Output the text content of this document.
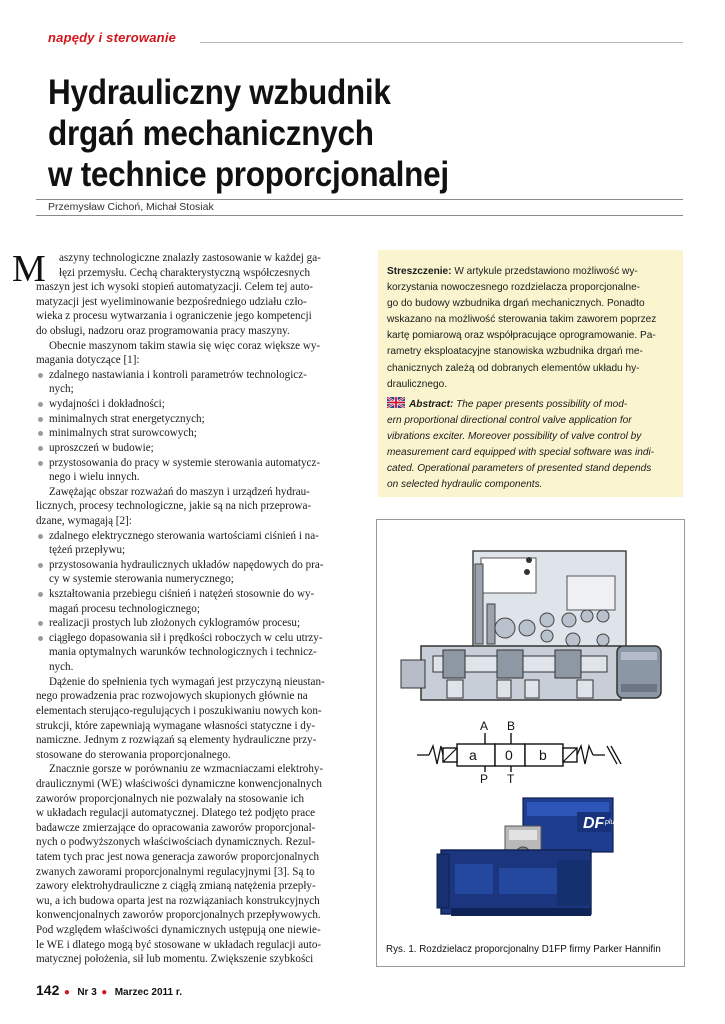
napędy i sterowanie
Hydrauliczny wzbudnik
drgań mechanicznych
w technice proporcjonalnej
Przemysław Cichoń, Michał Stosiak
M	aszyny technologiczne znalazły zastosowanie w każdej ga-
łęzi przemysłu. Cechą charakterystyczną współczesnych
maszyn jest ich wysoki stopień automatyzacji. Celem tej auto-
matyzacji jest wyeliminowanie bezpośredniego udziału czło-
wieka z procesu wytwarzania i ograniczenie jego kompetencji
do obsługi, nadzoru oraz programowania pracy maszyny.
Obecnie maszynom takim stawia się więc coraz większe wy-
magania dotyczące [1]:
zdalnego nastawiania i kontroli parametrów technologicz-
nych;
wydajności i dokładności;
minimalnych strat energetycznych;
minimalnych strat surowcowych;
uproszczeń w budowie;
przystosowania do pracy w systemie sterowania automatycz-
nego i wielu innych.
Zawężając obszar rozważań do maszyn i urządzeń hydrau-
licznych, procesy technologiczne, jakie są na nich przeprowa-
dzane, wymagają [2]:
zdalnego elektrycznego sterowania wartościami ciśnień i na-
tężeń przepływu;
przystosowania hydraulicznych układów napędowych do pra-
cy w systemie sterowania numerycznego;
kształtowania przebiegu ciśnień i natężeń stosownie do wy-
magań procesu technologicznego;
realizacji prostych lub złożonych cyklogramów procesu;
ciągłego dopasowania sił i prędkości roboczych w celu utrzy-
mania optymalnych warunków technologicznych i technicz-
nych.
Dążenie do spełnienia tych wymagań jest przyczyną nieustan-
nego prowadzenia prac rozwojowych skupionych głównie na
elementach sterująco-regulujących i poszukiwaniu nowych kon-
strukcji, które zapewniają wymagane własności statyczne i dy-
namiczne. Jednym z rozwiązań są elementy hydrauliczne przy-
stosowane do sterowania proporcjonalnego.
Znacznie gorsze w porównaniu ze wzmacniaczami elektrohy-
draulicznymi (WE) właściwości dynamiczne konwencjonalnych
zaworów proporcjonalnych nie pozwalały na stosowanie ich
w układach regulacji automatycznej. Dlatego też podjęto prace
badawcze zmierzające do opracowania zaworów proporcjonal-
nych o podwyższonych właściwościach dynamicznych. Rezul-
tatem tych prac jest nowa generacja zaworów proporcjonalnych
zwanych zaworami proporcjonalnymi regulacyjnymi [3]. Są to
zawory elektrohydrauliczne z ciągłą zmianą natężenia przepły-
wu, a ich budowa oparta jest na rozwiązaniach konstrukcyjnych
konwencjonalnych zaworów proporcjonalnych przepływowych.
Pod względem właściwości dynamicznych ustępują one niewie-
le WE i dlatego mogą być stosowane w układach regulacji auto-
matycznej położenia, sił lub momentu. Zwiększenie szybkości
Streszczenie: W artykule przedstawiono możliwość wy-
korzystania nowoczesnego rozdzielacza proporcjonalne-
go do budowy wzbudnika drgań mechanicznych. Ponadto
wskazano na możliwość sterowania takim zaworem poprzez
kartę pomiarową oraz współpracujące oprogramowanie. Pa-
rametry eksploatacyjne stanowiska wzbudnika drgań me-
chanicznych zależą od dobranych elementów układu hy-
draulicznego.
Abstract: The paper presents possibility of mod-
ern proportional directional control valve application for
vibrations exciter. Moreover possibility of valve control by
measurement card equipped with special software was indi-
cated. Operational parameters of presented stand depends
on selected hydraulic components.
A B
P T
a 0 b
DF plus
Rys. 1. Rozdzielacz proporcjonalny D1FP firmy Parker Hannifin
142 ● Nr 3 ● Marzec 2011 r.
